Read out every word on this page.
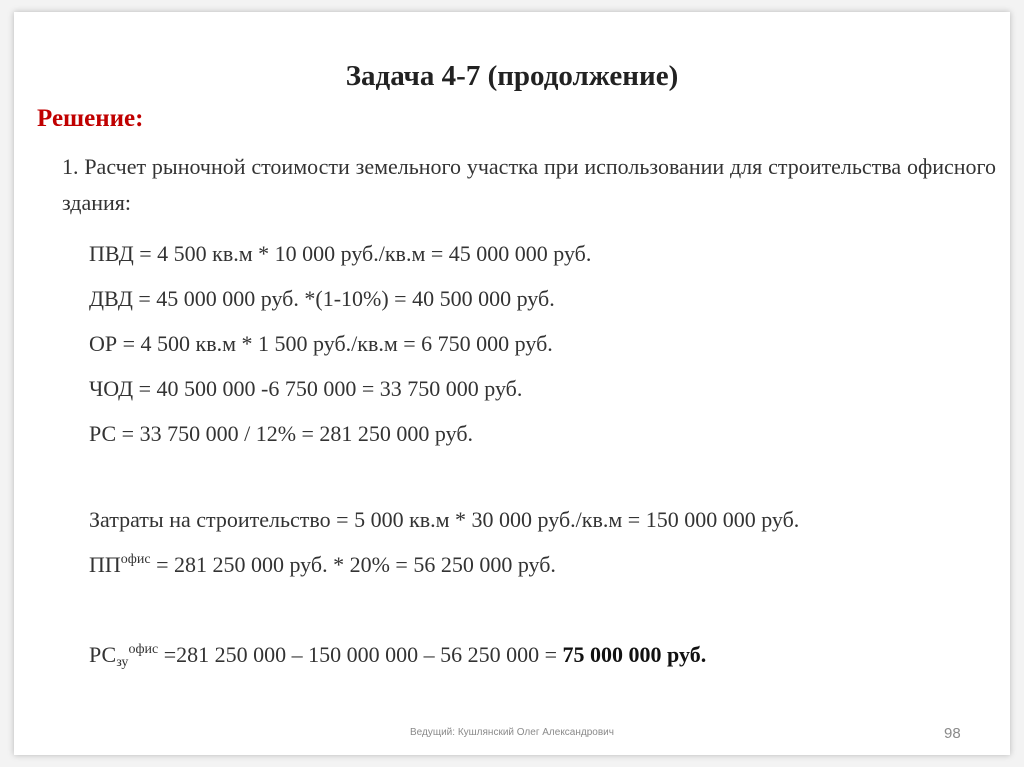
Задача 4-7 (продолжение)

Решение:

1. Расчет рыночной стоимости земельного участка при использовании для строительства офисного здания:

ПВД = 4 500 кв.м * 10 000 руб./кв.м = 45 000 000 руб.

ДВД = 45 000 000 руб. *(1-10%) = 40 500 000 руб.

ОР = 4 500 кв.м * 1 500 руб./кв.м = 6 750 000 руб.

ЧОД = 40 500 000 -6 750 000 = 33 750 000 руб.

РС = 33 750 000 / 12% = 281 250 000 руб.

Затраты на строительство = 5 000 кв.м * 30 000 руб./кв.м = 150 000 000 руб.

$ПП^{офис} = 281$ 250 000 руб. * 20% = 56 250 000 руб.

$РС_{зу}^{офис} =281$ 250 000 – 150 000 000 – 56 250 000 = 75 000 000 руб.

Ведущий: Кушлянский Олег Александрович	98
